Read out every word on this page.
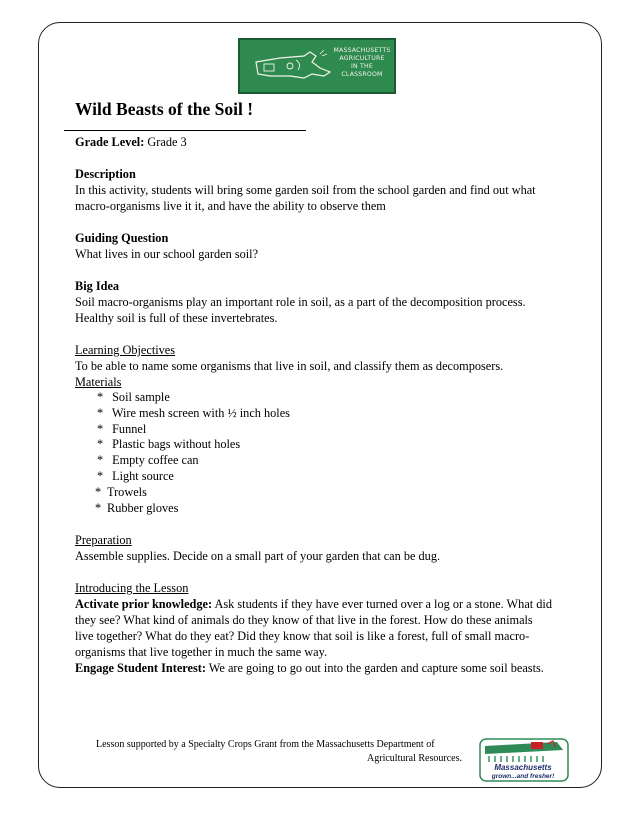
MASSACHUSETTS
AGRICULTURE
IN THE CLASSROOM
Wild Beasts of the Soil !

Grade Level: Grade 3

Description
In this activity, students will bring some garden soil from the school garden and find out what
macro-organisms live it it, and have the ability to observe them
Guiding Question
What lives in our school garden soil?
Big Idea
Soil macro-organisms play an important role in soil, as a part of the decomposition process.
Healthy soil is full of these invertebrates.
Learning Objectives
To be able to name some organisms that live in soil, and classify them as decomposers.
Materials
* Soil sample
* Wire mesh screen with ½ inch holes
* Funnel
* Plastic bags without holes
* Empty coffee can
* Light source
* Trowels
* Rubber gloves
Preparation
Assemble supplies. Decide on a small part of your garden that can be dug.
Introducing the Lesson
Activate prior knowledge: Ask students if they have ever turned over a log or a stone. What did
they see? What kind of animals do they know of that live in the forest. How do these animals
live together? What do they eat? Did they know that soil is like a forest, full of small macro-
organisms that live together in much the same way.
Engage Student Interest: We are going to go out into the garden and capture some soil beasts.
Lesson supported by a Specialty Crops Grant from the Massachusetts Department of
Agricultural Resources.
Massachusetts
grown...and fresher!
